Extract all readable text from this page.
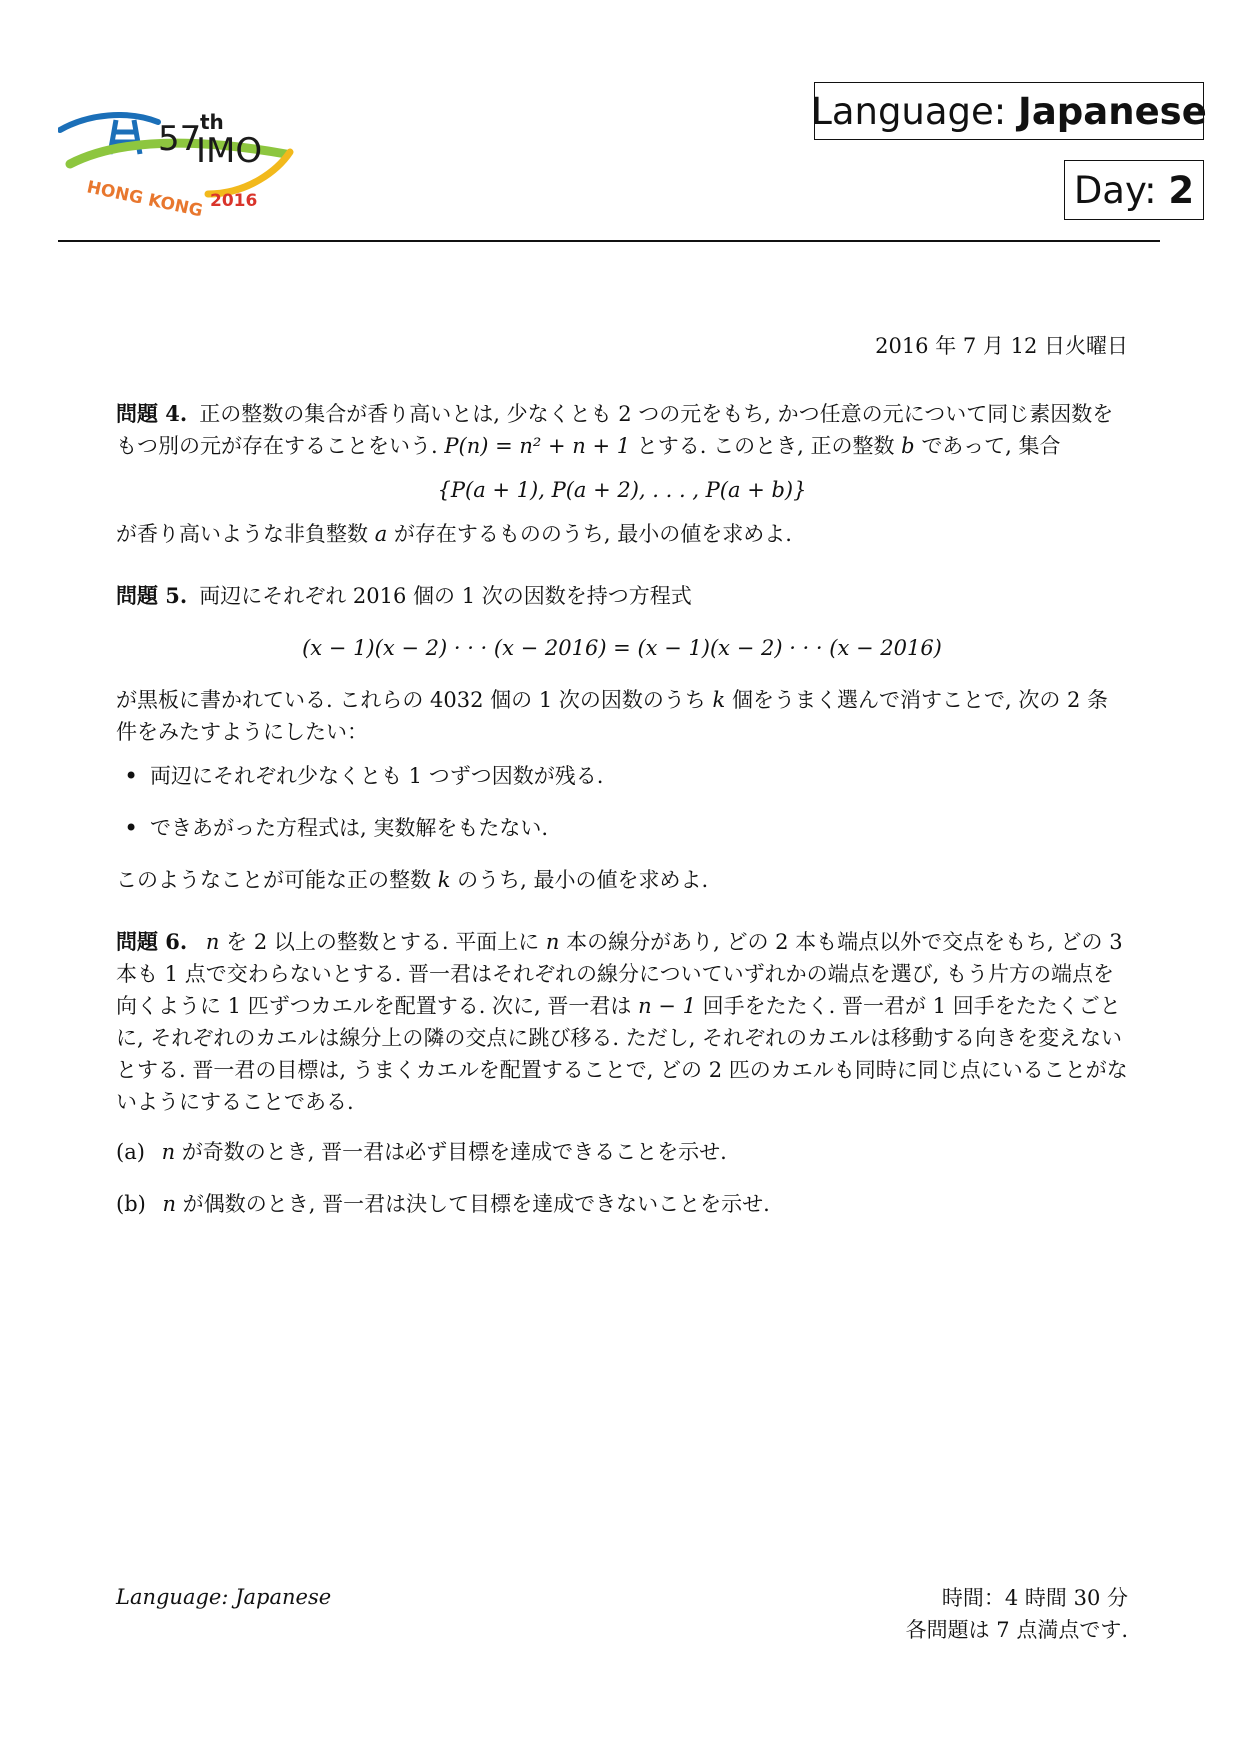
57
th
IMO
HONG KONG 2016
Language:
Japanese
Day:
2
2016 年 7 月 12 日火曜日
問題 4. 正の整数の集合が香り高いとは, 少なくとも 2 つの元をもち, かつ任意の元について同じ素因数をもつ別の元が存在することをいう. P(n) = n² + n + 1 とする. このとき, 正の整数 b であって, 集合
{P(a + 1), P(a + 2), . . . , P(a + b)}
が香り高いような非負整数 a が存在するもののうち, 最小の値を求めよ.
問題 5. 両辺にそれぞれ 2016 個の 1 次の因数を持つ方程式
(x − 1)(x − 2) · · · (x − 2016) = (x − 1)(x − 2) · · · (x − 2016)
が黒板に書かれている. これらの 4032 個の 1 次の因数のうち k 個をうまく選んで消すことで, 次の 2 条件をみたすようにしたい：
• 両辺にそれぞれ少なくとも 1 つずつ因数が残る.
• できあがった方程式は, 実数解をもたない.
このようなことが可能な正の整数 k のうち, 最小の値を求めよ.
問題 6. n を 2 以上の整数とする. 平面上に n 本の線分があり, どの 2 本も端点以外で交点をもち, どの 3 本も 1 点で交わらないとする. 晋一君はそれぞれの線分についていずれかの端点を選び, もう片方の端点を向くように 1 匹ずつカエルを配置する. 次に, 晋一君は n − 1 回手をたたく. 晋一君が 1 回手をたたくごとに, それぞれのカエルは線分上の隣の交点に跳び移る. ただし, それぞれのカエルは移動する向きを変えないとする. 晋一君の目標は, うまくカエルを配置することで, どの 2 匹のカエルも同時に同じ点にいることがないようにすることである.
(a) n が奇数のとき, 晋一君は必ず目標を達成できることを示せ.
(b) n が偶数のとき, 晋一君は決して目標を達成できないことを示せ.
Language: Japanese	時間：4 時間 30 分
各問題は 7 点満点です.
